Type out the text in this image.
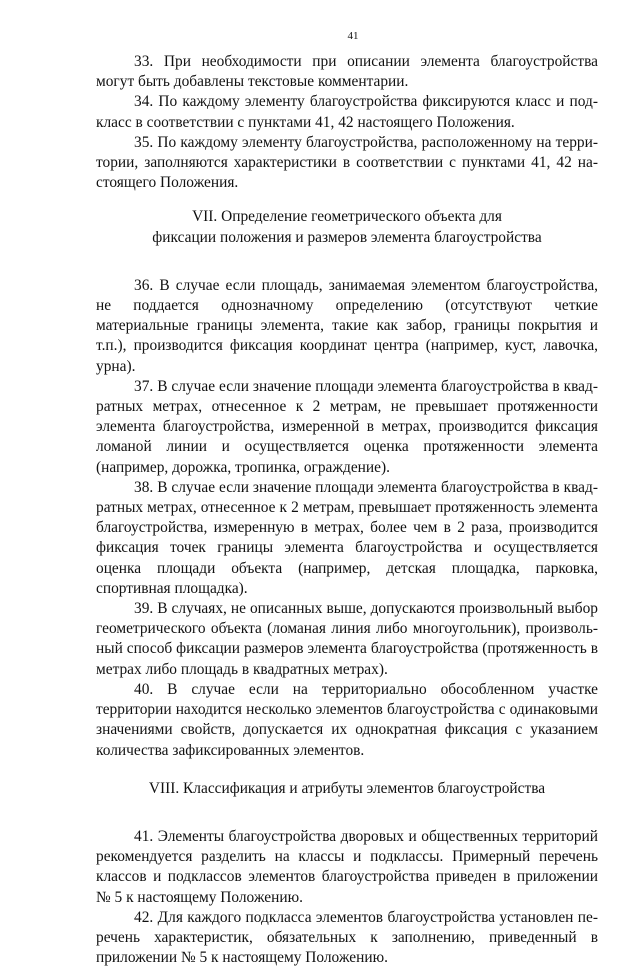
41

33. При необходимости при описании элемента благоустройства могут быть добавлены текстовые комментарии.

34. По каждому элементу благоустройства фиксируются класс и подкласс в соответствии с пунктами 41, 42 настоящего Положения.

35. По каждому элементу благоустройства, расположенному на территории, заполняются характеристики в соответствии с пунктами 41, 42 настоящего Положения.

VII. Определение геометрического объекта для
фиксации положения и размеров элемента благоустройства

36. В случае если площадь, занимаемая элементом благоустройства, не поддается однозначному определению (отсутствуют четкие материальные границы элемента, такие как забор, границы покрытия и т.п.), производится фиксация координат центра (например, куст, лавочка, урна).

37. В случае если значение площади элемента благоустройства в квадратных метрах, отнесенное к 2 метрам, не превышает протяженности элемента благоустройства, измеренной в метрах, производится фиксация ломаной линии и осуществляется оценка протяженности элемента (например, дорожка, тропинка, ограждение).

38. В случае если значение площади элемента благоустройства в квадратных метрах, отнесенное к 2 метрам, превышает протяженность элемента благоустройства, измеренную в метрах, более чем в 2 раза, производится фиксация точек границы элемента благоустройства и осуществляется оценка площади объекта (например, детская площадка, парковка, спортивная площадка).

39. В случаях, не описанных выше, допускаются произвольный выбор геометрического объекта (ломаная линия либо многоугольник), произвольный способ фиксации размеров элемента благоустройства (протяженность в метрах либо площадь в квадратных метрах).

40. В случае если на территориально обособленном участке территории находится несколько элементов благоустройства с одинаковыми значениями свойств, допускается их однократная фиксация с указанием количества зафиксированных элементов.

VIII. Классификация и атрибуты элементов благоустройства

41. Элементы благоустройства дворовых и общественных территорий рекомендуется разделить на классы и подклассы. Примерный перечень классов и подклассов элементов благоустройства приведен в приложении № 5 к настоящему Положению.

42. Для каждого подкласса элементов благоустройства установлен перечень характеристик, обязательных к заполнению, приведенный в приложении № 5 к настоящему Положению.
